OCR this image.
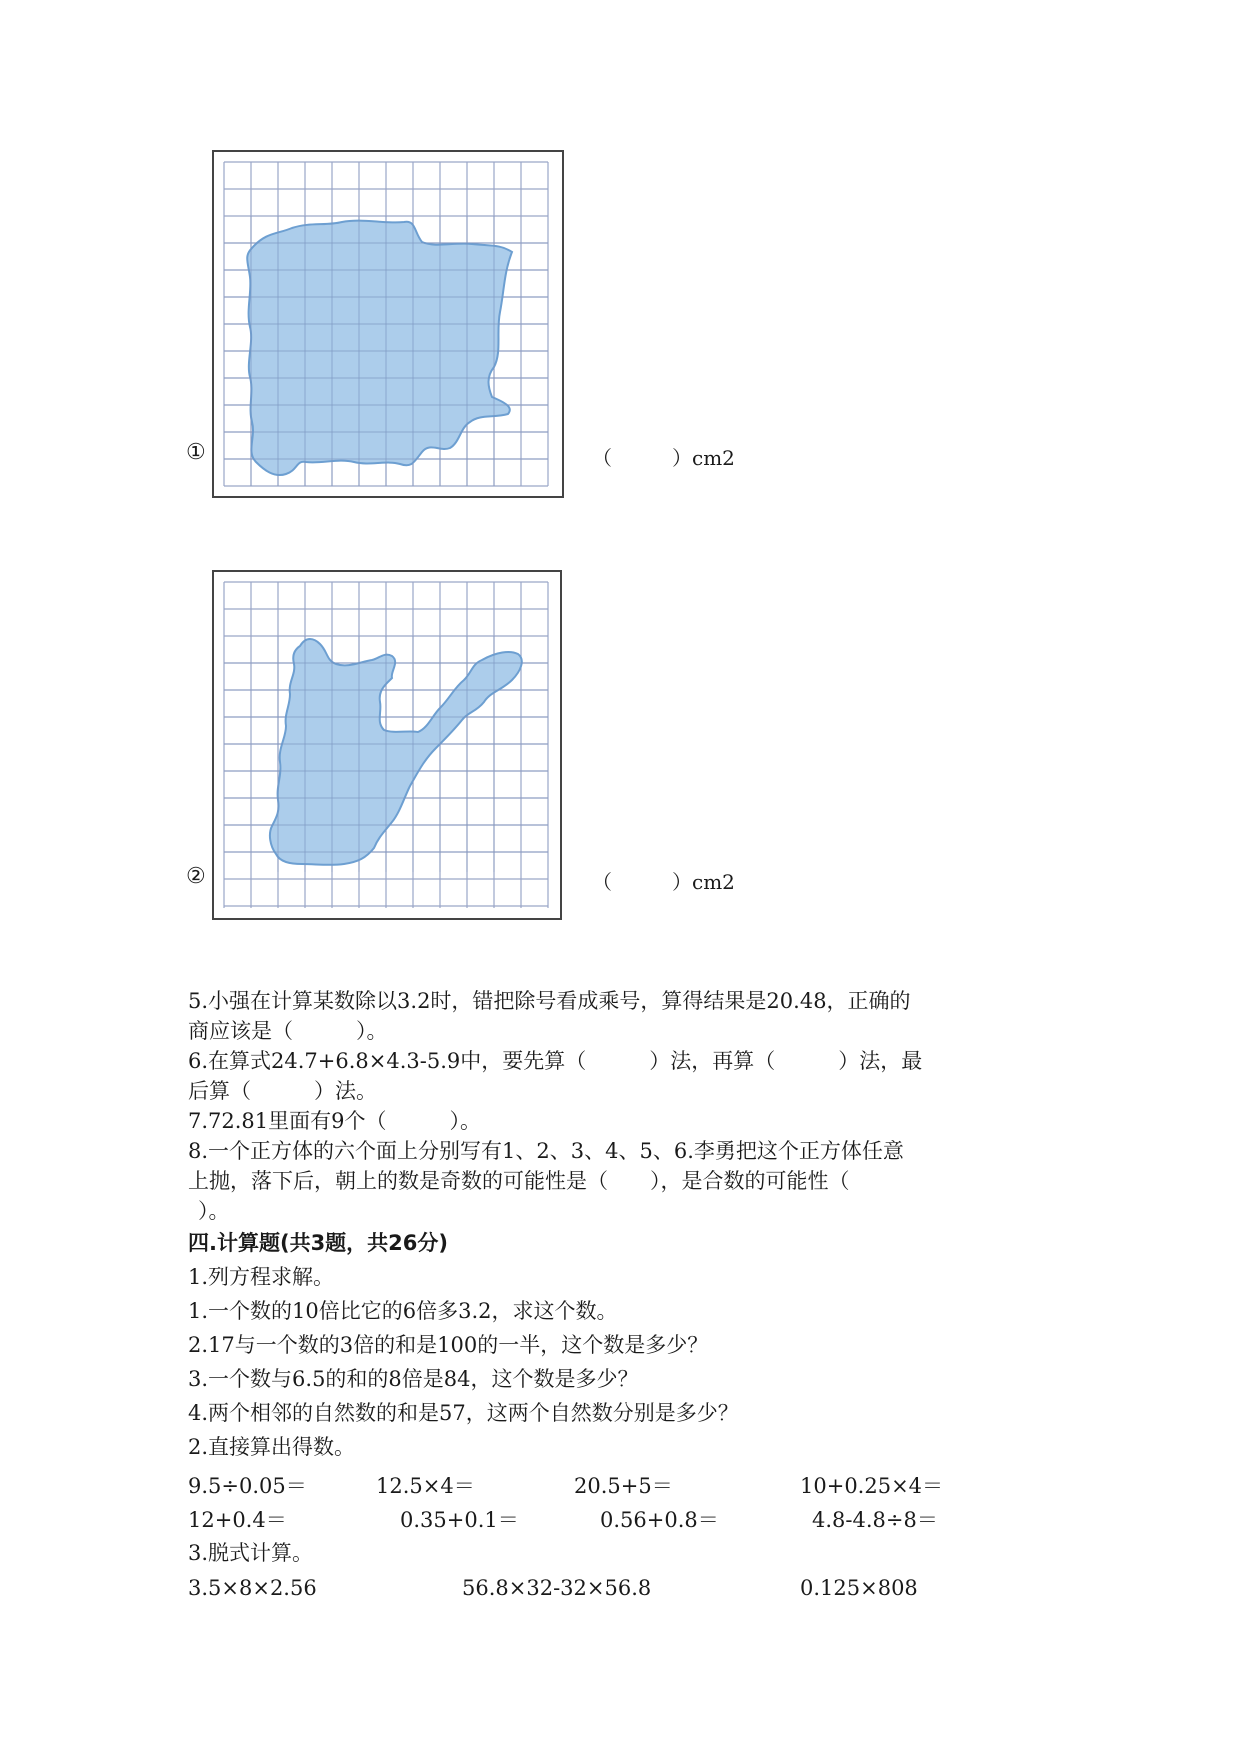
①	（　　　）cm2
②	（　　　）cm2
5.小强在计算某数除以3.2时，错把除号看成乘号，算得结果是20.48，正确的
商应该是（　　　）。
6.在算式24.7+6.8×4.3-5.9中，要先算（　　　）法，再算（　　　）法，最
后算（　　　）法。
7.72.81里面有9个（　　　）。
8.一个正方体的六个面上分别写有1、2、3、4、5、6.李勇把这个正方体任意
上抛，落下后，朝上的数是奇数的可能性是（　　），是合数的可能性（
）。
四.计算题(共3题，共26分)
1.列方程求解。
1.一个数的10倍比它的6倍多3.2，求这个数。
2.17与一个数的3倍的和是100的一半，这个数是多少？
3.一个数与6.5的和的8倍是84，这个数是多少？
4.两个相邻的自然数的和是57，这两个自然数分别是多少？
2.直接算出得数。
9.5÷0.05＝	12.5×4＝	20.5+5＝	10+0.25×4＝
12+0.4＝	0.35+0.1＝	0.56+0.8＝	4.8-4.8÷8＝
3.脱式计算。
3.5×8×2.56	56.8×32-32×56.8	0.125×808
